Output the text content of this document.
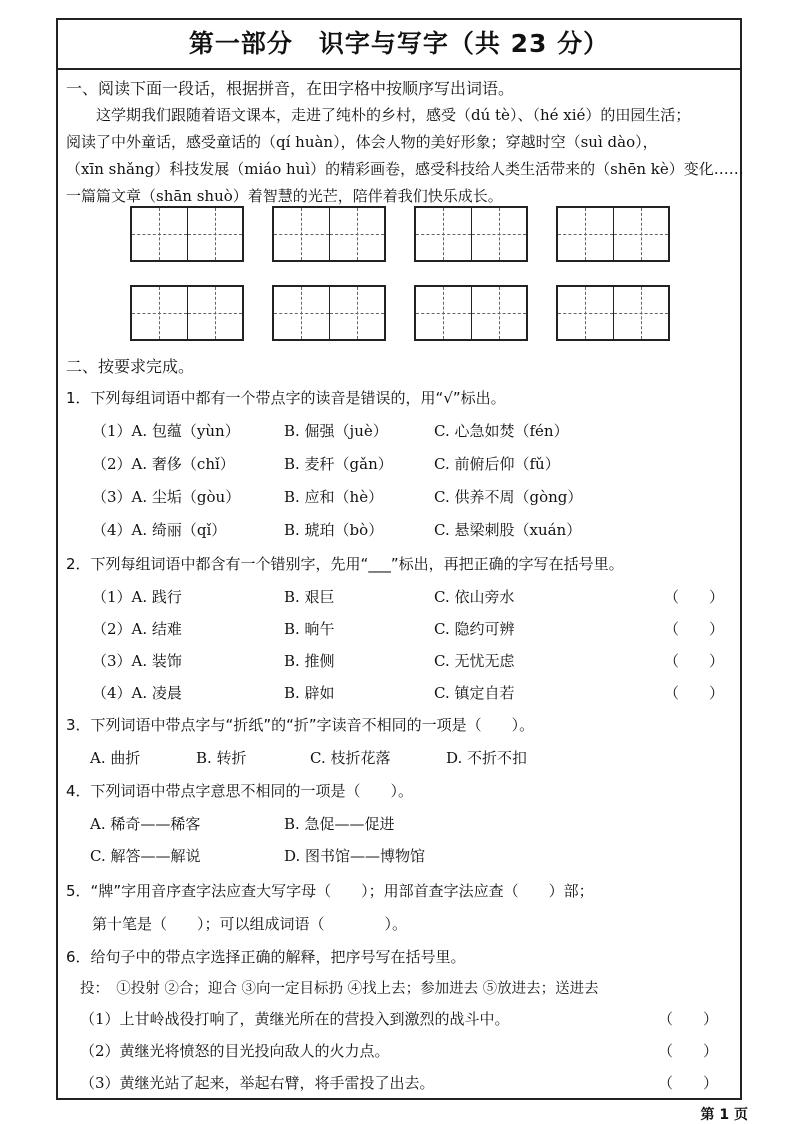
第一部分　识字与写字（共 23 分）
一、阅读下面一段话，根据拼音，在田字格中按顺序写出词语。

　　这学期我们跟随着语文课本，走进了纯朴的乡村，感受（dú tè）、（hé xié）的田园生活；

阅读了中外童话，感受童话的（qí huàn），体会人物的美好形象；穿越时空（suì dào），

（xīn shǎng）科技发展（miáo huì）的精彩画卷，感受科技给人类生活带来的（shēn kè）变化……

一篇篇文章（shān shuò）着智慧的光芒，陪伴着我们快乐成长。

二、按要求完成。
1．下列每组词语中都有一个带点字的读音是错误的，用“√”标出。
（1）A. 包蕴（yùn）	B. 倔强（juè）	C. 心急如焚（fén）
（2）A. 奢侈（chǐ）	B. 麦秆（gǎn）	C. 前俯后仰（fǔ）
（3）A. 尘垢（gòu）	B. 应和（hè）	C. 供养不周（gòng）
（4）A. 绮丽（qǐ）	B. 琥珀（bò）	C. 悬梁刺股（xuán）
2．下列每组词语中都含有一个错别字，先用“___”标出，再把正确的字写在括号里。
（1）A. 践行	B. 艰巨	C. 依山旁水	（　　）
（2）A. 结难	B. 晌午	C. 隐约可辨	（　　）
（3）A. 装饰	B. 推侧	C. 无忧无虑	（　　）
（4）A. 凌晨	B. 辟如	C. 镇定自若	（　　）
3．下列词语中带点字与“折纸”的“折”字读音不相同的一项是（　　）。
A. 曲折	B. 转折	C. 枝折花落	D. 不折不扣
4．下列词语中带点字意思不相同的一项是（　　）。
A. 稀奇——稀客	B. 急促——促进
C. 解答——解说	D. 图书馆——博物馆
5．“牌”字用音序查字法应查大写字母（　　）；用部首查字法应查（　　）部；
第十笔是（　　）；可以组成词语（　　　　）。
6．给句子中的带点字选择正确的解释，把序号写在括号里。
投：　①投射 ②合；迎合 ③向一定目标扔 ④找上去；参加进去 ⑤放进去；送进去
（1）上甘岭战役打响了，黄继光所在的营投入到激烈的战斗中。	（　　）
（2）黄继光将愤怒的目光投向敌人的火力点。	（　　）
（3）黄继光站了起来，举起右臂，将手雷投了出去。	（　　）
第 1 页
